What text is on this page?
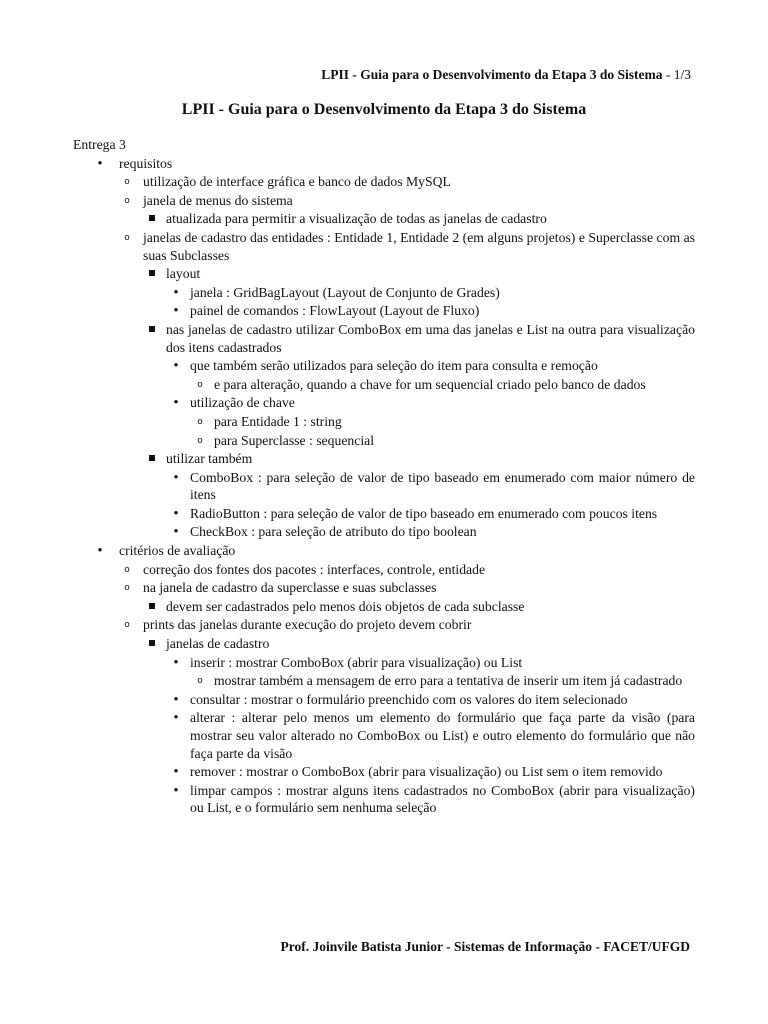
LPII - Guia para o Desenvolvimento da Etapa 3 do Sistema - 1/3
LPII - Guia para o Desenvolvimento da Etapa 3 do Sistema
Entrega 3
•
requisitos
o
utilização de interface gráfica e banco de dados MySQL
o
janela de menus do sistema
atualizada para permitir a visualização de todas as janelas de cadastro
o
janelas de cadastro das entidades : Entidade 1, Entidade 2 (em alguns projetos) e Superclasse com as suas Subclasses
layout
•
janela : GridBagLayout (Layout de Conjunto de Grades)
•
painel de comandos : FlowLayout (Layout de Fluxo)
nas janelas de cadastro utilizar ComboBox em uma das janelas e List na outra para visualização dos itens cadastrados
•
que também serão utilizados para seleção do item para consulta e remoção
o
e para alteração, quando a chave for um sequencial criado pelo banco de dados
•
utilização de chave
o
para Entidade 1 : string
o
para Superclasse : sequencial
utilizar também
•
ComboBox : para seleção de valor de tipo baseado em enumerado com maior número de itens
•
RadioButton : para seleção de valor de tipo baseado em enumerado com poucos itens
•
CheckBox : para seleção de atributo do tipo boolean
•
critérios de avaliação
o
correção dos fontes dos pacotes : interfaces, controle, entidade
o
na janela de cadastro da superclasse e suas subclasses
devem ser cadastrados pelo menos dois objetos de cada subclasse
o
prints das janelas durante execução do projeto devem cobrir
janelas de cadastro
•
inserir : mostrar ComboBox (abrir para visualização) ou List
o
mostrar também a mensagem de erro para a tentativa de inserir um item já cadastrado
•
consultar : mostrar o formulário preenchido com os valores do item selecionado
•
alterar : alterar pelo menos um elemento do formulário que faça parte da visão (para mostrar seu valor alterado no ComboBox ou List) e outro elemento do formulário que não faça parte da visão
•
remover : mostrar o ComboBox (abrir para visualização) ou List sem o item removido
•
limpar campos : mostrar alguns itens cadastrados no ComboBox (abrir para visualização) ou List, e o formulário sem nenhuma seleção
Prof. Joinvile Batista Junior - Sistemas de Informação - FACET/UFGD
